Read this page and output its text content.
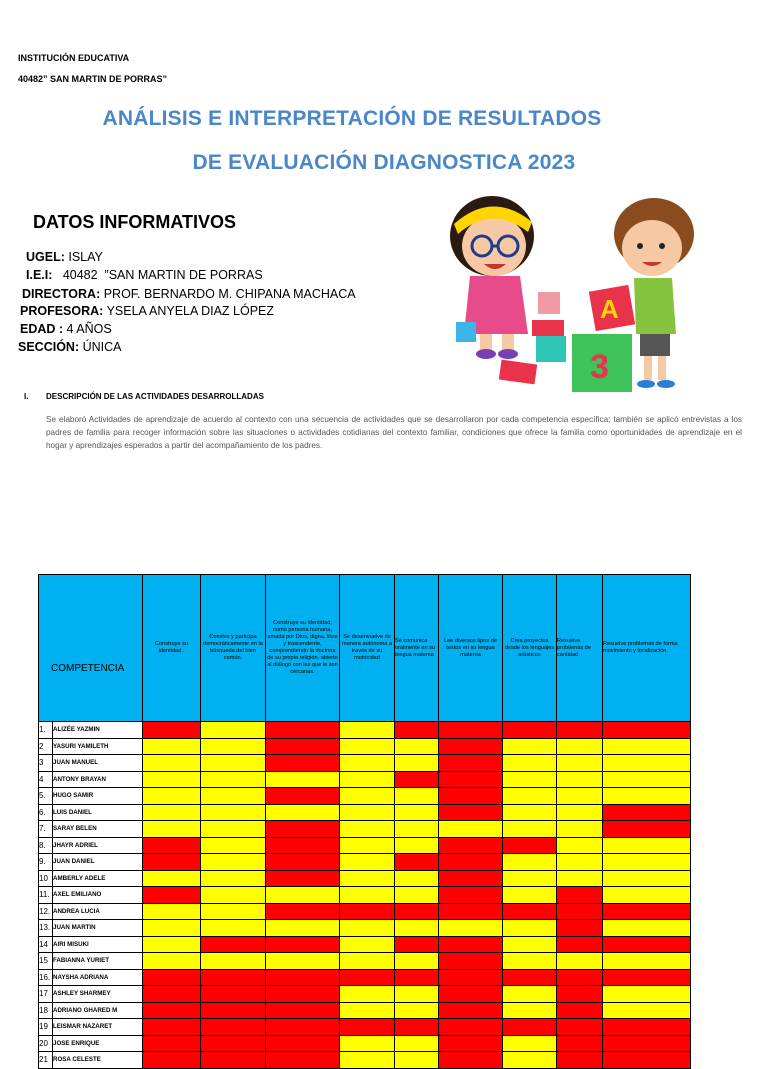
INSTITUCIÓN EDUCATIVA
40482” SAN MARTIN DE PORRAS”
ANÁLISIS E INTERPRETACIÓN DE RESULTADOS
DE EVALUACIÓN DIAGNOSTICA 2023
DATOS INFORMATIVOS
UGEL: ISLAY
I.E.I:   40482  ”SAN MARTIN DE PORRAS
DIRECTORA: PROF. BERNARDO M. CHIPANA MACHACA
PROFESORA: YSELA ANYELA DIAZ LÓPEZ
EDAD : 4 AÑOS
SECCIÓN: ÚNICA
3
A
I. DESCRIPCIÓN DE LAS ACTIVIDADES DESARROLLADAS
Se elaboró Actividades de aprendizaje de acuerdo al contexto con una secuencia de actividades que se desarrollaron por cada competencia específica; también se aplicó entrevistas a los padres de familia para recoger información sobre las situaciones o actividades cotidianas del contexto familiar, condiciones que ofrece la familia como oportunidades de aprendizaje en el hogar y aprendizajes esperados a partir del acompañamiento de los padres.
COMPETENCIA		Construye su identidad .	Convive y participa democráticamente en la búsqueda del bien común.	Construye su identidad, como persona humana, amada por Dios, digna, libre y trascendente, comprendiendo la doctrina de su propia religión, abierto al diálogo con las que le son cercanas.	Se desenvuelve de manera autónoma a través de su motricidad	Se comunica oralmente en su lengua materna	Lee diversos tipos de textos en su lengua materna	Crea proyectos desde los lenguajes artísticos	Resuelve problemas de cantidad	Resuelve problemas de forma movimiento y localización.
1.	ALIZÉE YAZMIN									
2	YASURI YAMILETH									
3	JUAN MANUEL									
4	ANTONY BRAYAN									
5.	HUGO SAMIR									
6.	LUIS DANIEL									
7.	SARAY BELEN									
8.	JHAYR ADRIEL									
9.	JUAN DANIEL									
10	AMBERLY ADELE									
11.	AXEL EMILIANO									
12.	ANDREA LUCIA									
13.	JUAN MARTIN									
14	AIRI MISUKI									
15	FABIANNA YURIET									
16.	NAYSHA ADRIANA									
17	ASHLEY SHARMEY									
18	ADRIANO GHARED M									
19	LEISMAR NAZARET									
20	JOSE ENRIQUE									
21	ROSA CELESTE									
